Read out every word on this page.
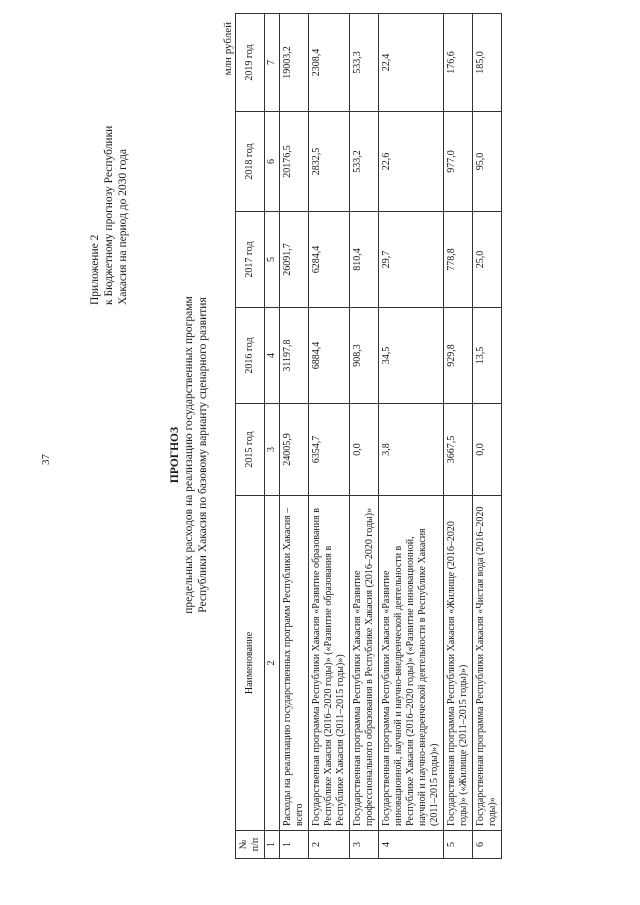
37
Приложение 2 к Бюджетному прогнозу Республики Хакасия на период до 2030 года
ПРОГНОЗ предельных расходов на реализацию государственных программ Республики Хакасия по базовому варианту сценарного развития
млн рублей
№ п/п	Наименование	2015 год	2016 год	2017 год	2018 год	2019 год
1	2	3	4	5	6	7
1	Расходы на реализацию государственных программ Республики Хакасия – всего	24005,9	31197,8	26091,7	20176,5	19003,2
2	Государственная программа Республики Хакасия «Развитие образования в Республике Хакасия (2016–2020 годы)» («Развитие образования в Республике Хакасия (2011–2015 годы)»)	6354,7	6884,4	6284,4	2832,5	2308,4
3	Государственная программа Республики Хакасия «Развитие профессионального образования в Республике Хакасия (2016–2020 годы)»	0,0	908,3	810,4	533,2	533,3
4	Государственная программа Республики Хакасия «Развитие инновационной, научной и научно-внедренческой деятельности в Республике Хакасия (2016–2020 годы)» («Развитие инновационной, научной и научно-внедренческой деятельности в Республике Хакасия (2011–2015 годы)»)	3,8	34,5	29,7	22,6	22,4
5	Государственная программа Республики Хакасия «Жилище (2016–2020 годы)» («Жилище (2011–2015 годы)»)	3667,5	929,8	778,8	977,0	176,6
6	Государственная программа Республики Хакасия «Чистая вода (2016–2020 годы)»	0,0	13,5	25,0	95,0	185,0
